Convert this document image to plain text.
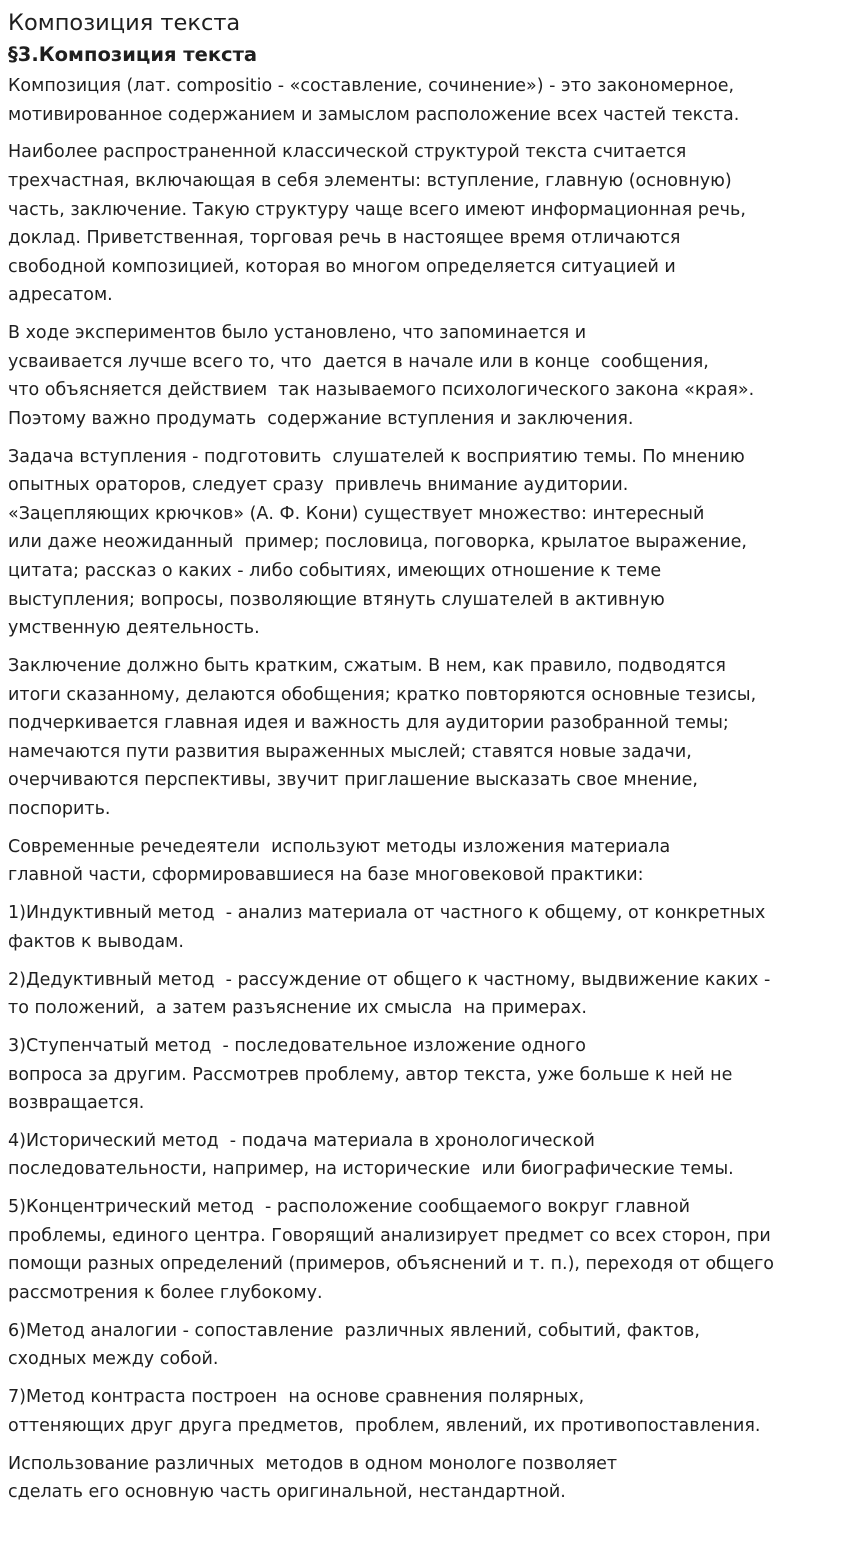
Композиция текста
§3.Композиция текста

Композиция (лат. compositio - «составление, сочинение») - это закономерное,
мотивированное содержанием и замыслом расположение всех частей текста.

Наиболее распространенной классической структурой текста считается
трехчастная, включающая в себя элементы: вступление, главную (основную)
часть, заключение. Такую структуру чаще всего имеют информационная речь,
доклад. Приветственная, торговая речь в настоящее время отличаются
свободной композицией, которая во многом определяется ситуацией и
адресатом.

В ходе экспериментов было установлено, что запоминается и
усваивается лучше всего то, что  дается в начале или в конце  сообщения,
что объясняется действием  так называемого психологического закона «края».
Поэтому важно продумать  содержание вступления и заключения.

Задача вступления - подготовить  слушателей к восприятию темы. По мнению
опытных ораторов, следует сразу  привлечь внимание аудитории.
«Зацепляющих крючков» (А. Ф. Кони) существует множество: интересный
или даже неожиданный  пример; пословица, поговорка, крылатое выражение,
цитата; рассказ о каких - либо событиях, имеющих отношение к теме
выступления; вопросы, позволяющие втянуть слушателей в активную
умственную деятельность.

Заключение должно быть кратким, сжатым. В нем, как правило, подводятся
итоги сказанному, делаются обобщения; кратко повторяются основные тезисы,
подчеркивается главная идея и важность для аудитории разобранной темы;
намечаются пути развития выраженных мыслей; ставятся новые задачи,
очерчиваются перспективы, звучит приглашение высказать свое мнение,
поспорить.

Современные речедеятели  используют методы изложения материала
главной части, сформировавшиеся на базе многовековой практики:

1)Индуктивный метод  - анализ материала от частного к общему, от конкретных
фактов к выводам.

2)Дедуктивный метод  - рассуждение от общего к частному, выдвижение каких -
то положений,  а затем разъяснение их смысла  на примерах.

3)Ступенчатый метод  - последовательное изложение одного
вопроса за другим. Рассмотрев проблему, автор текста, уже больше к ней не
возвращается.

4)Исторический метод  - подача материала в хронологической
последовательности, например, на исторические  или биографические темы.

5)Концентрический метод  - расположение сообщаемого вокруг главной
проблемы, единого центра. Говорящий анализирует предмет со всех сторон, при
помощи разных определений (примеров, объяснений и т. п.), переходя от общего
рассмотрения к более глубокому.

6)Метод аналогии - сопоставление  различных явлений, событий, фактов,
сходных между собой.

7)Метод контраста построен  на основе сравнения полярных,
оттеняющих друг друга предметов,  проблем, явлений, их противопоставления.

Использование различных  методов в одном монологе позволяет
сделать его основную часть оригинальной, нестандартной.
